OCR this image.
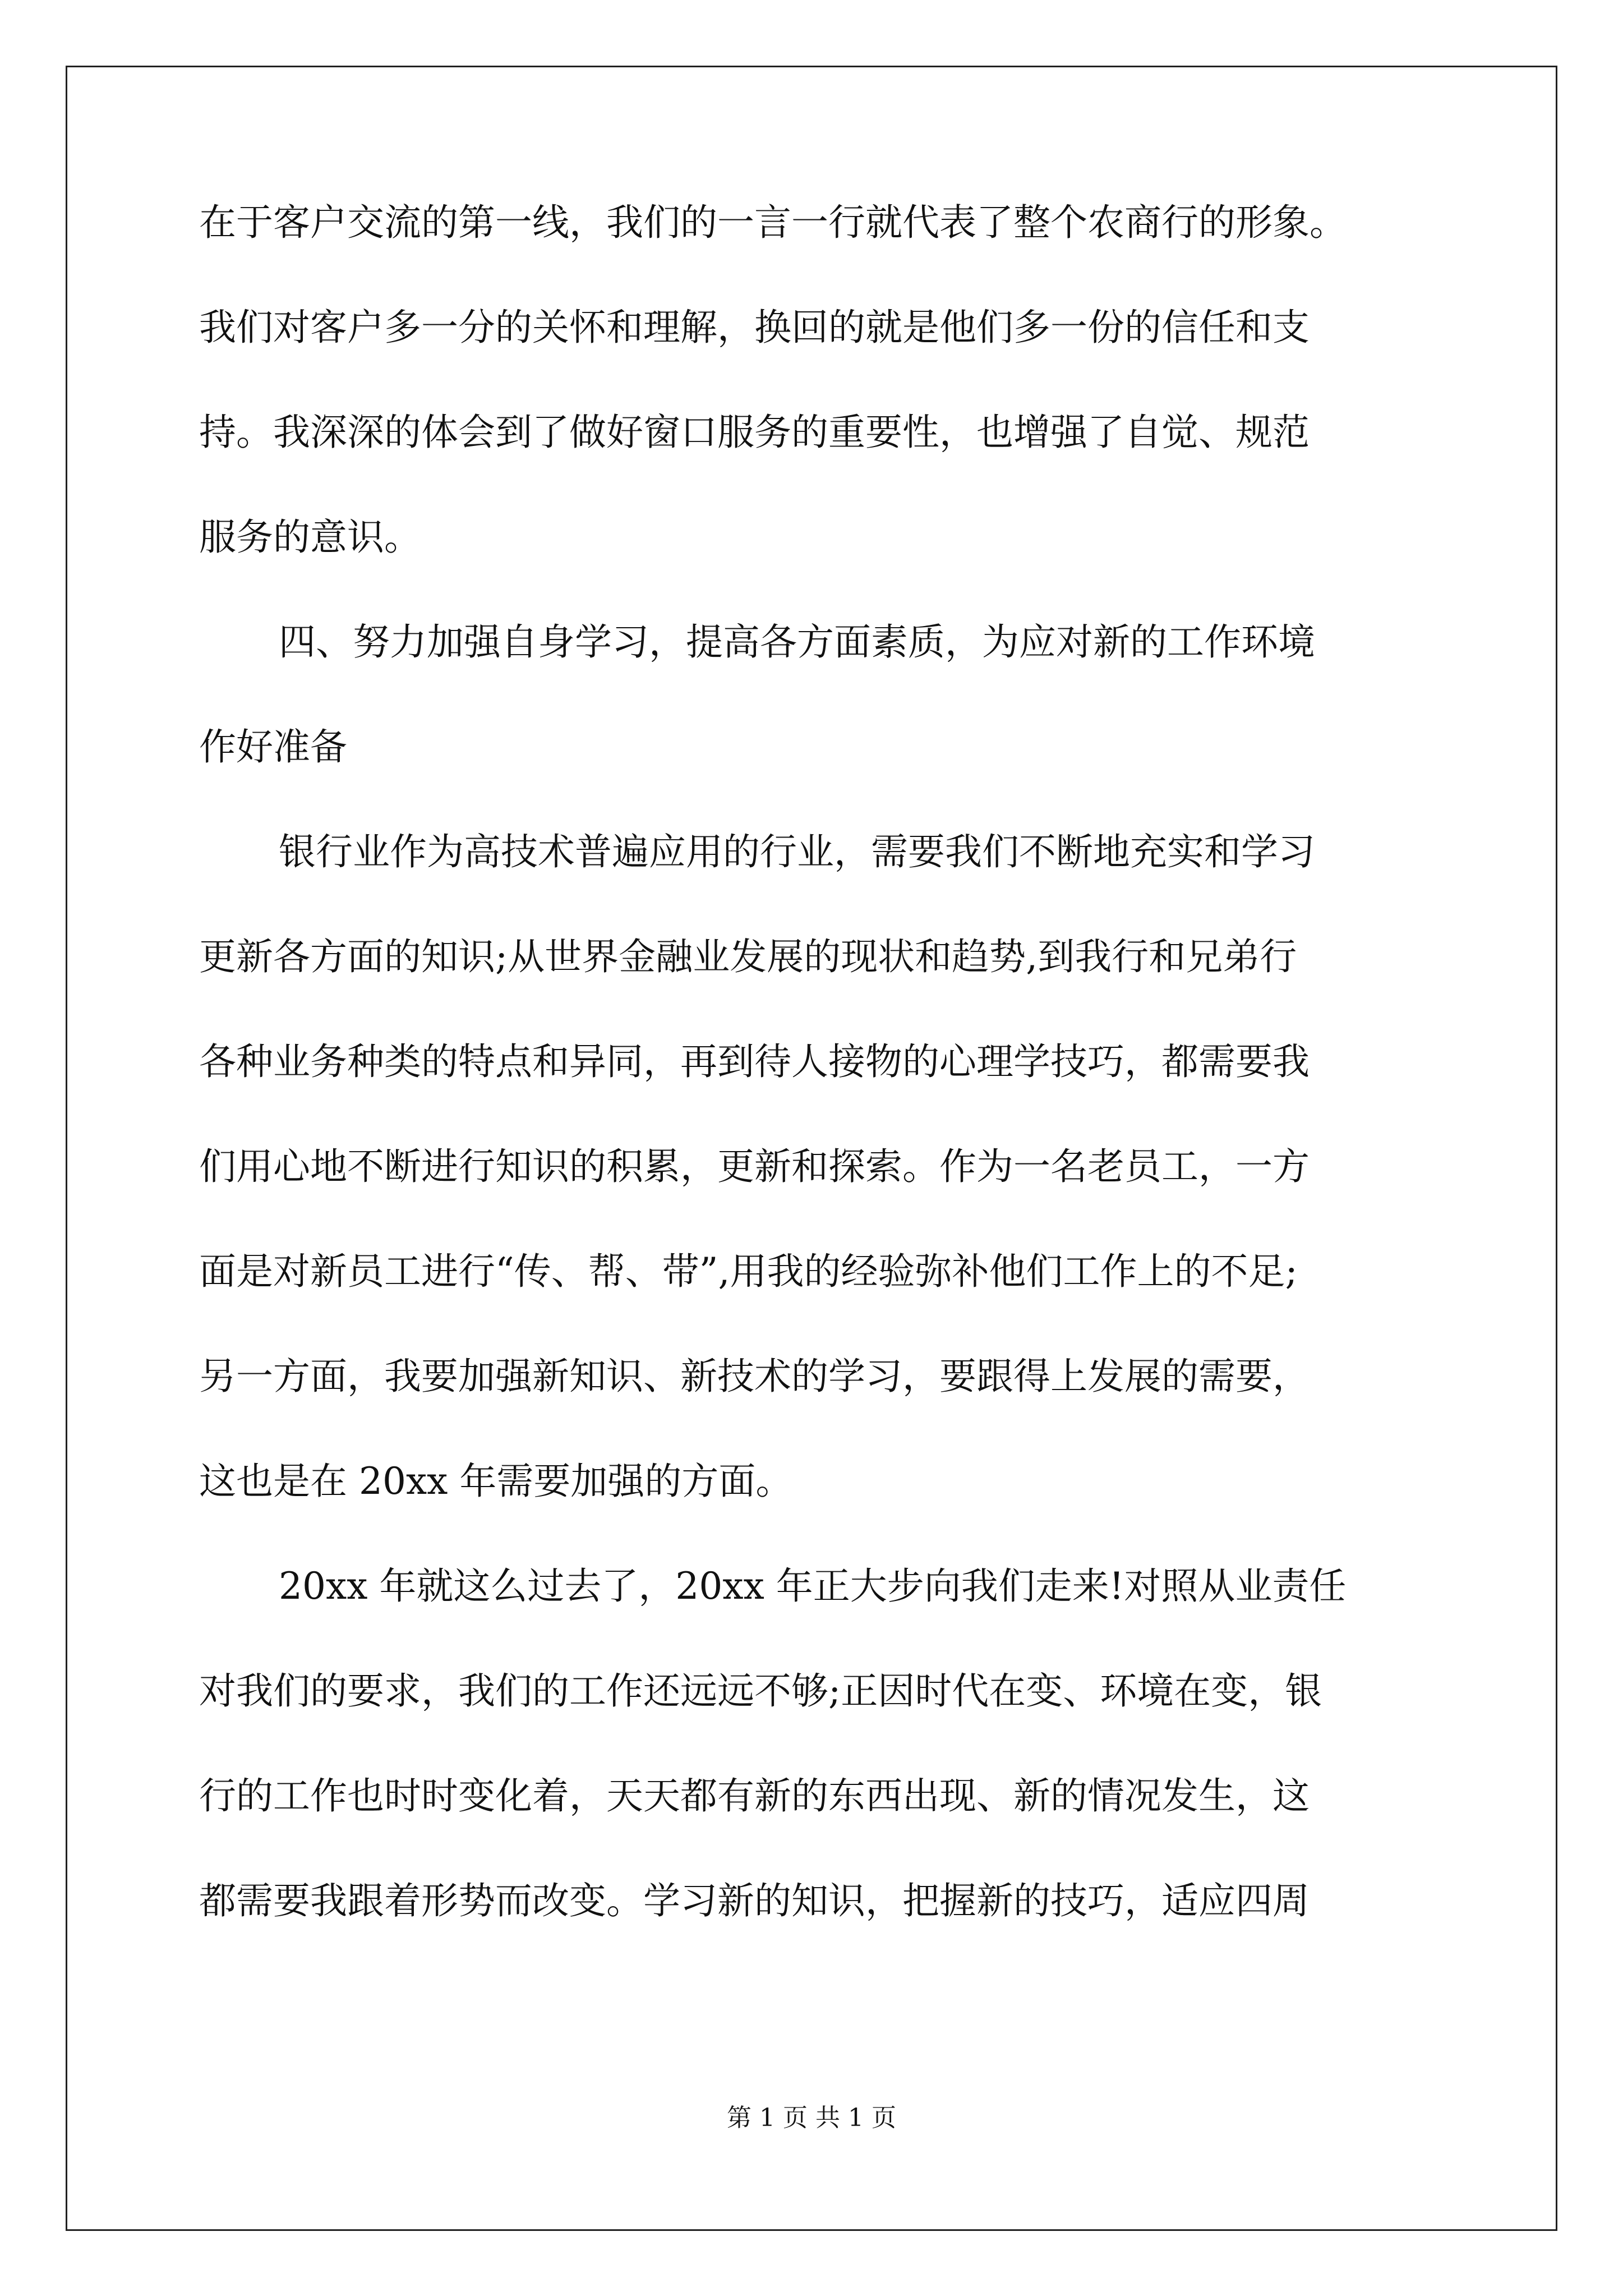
在于客户交流的第一线，我们的一言一行就代表了整个农商行的形象。

我们对客户多一分的关怀和理解，换回的就是他们多一份的信任和支

持。我深深的体会到了做好窗口服务的重要性，也增强了自觉、规范

服务的意识。

四、努力加强自身学习，提高各方面素质，为应对新的工作环境

作好准备

银行业作为高技术普遍应用的行业，需要我们不断地充实和学习

更新各方面的知识;从世界金融业发展的现状和趋势,到我行和兄弟行

各种业务种类的特点和异同，再到待人接物的心理学技巧，都需要我

们用心地不断进行知识的积累，更新和探索。作为一名老员工，一方

面是对新员工进行“传、帮、带”,用我的经验弥补他们工作上的不足;

另一方面，我要加强新知识、新技术的学习，要跟得上发展的需要，

这也是在 20xx 年需要加强的方面。

20xx 年就这么过去了，20xx 年正大步向我们走来!对照从业责任

对我们的要求，我们的工作还远远不够;正因时代在变、环境在变，银

行的工作也时时变化着，天天都有新的东西出现、新的情况发生，这

都需要我跟着形势而改变。学习新的知识，把握新的技巧，适应四周

第 1 页 共 1 页
